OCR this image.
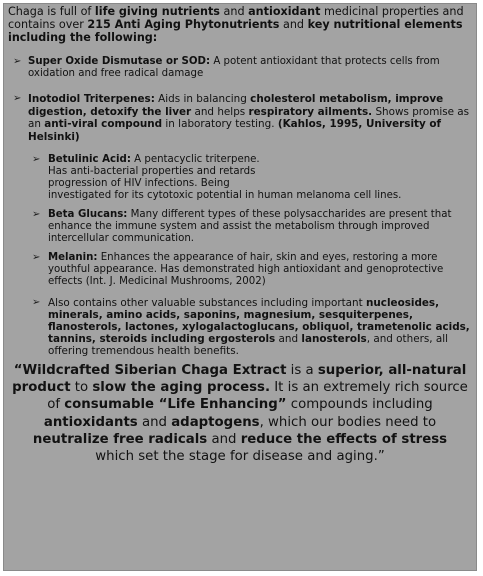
Chaga is full of life giving nutrients and antioxidant medicinal properties and contains over 215 Anti Aging Phytonutrients and key nutritional elements including the following:

➢ Super Oxide Dismutase or SOD: A potent antioxidant that protects cells from oxidation and free radical damage
➢ Inotodiol Triterpenes: Aids in balancing cholesterol metabolism, improve digestion, detoxify the liver and helps respiratory ailments. Shows promise as an anti-viral compound in laboratory testing. (Kahlos, 1995, University of Helsinki)
➢ Betulinic Acid: A pentacyclic triterpene.
Has anti-bacterial properties and retards
progression of HIV infections. Being
investigated for its cytotoxic potential in human melanoma cell lines.
➢ Beta Glucans: Many different types of these polysaccharides are present that enhance the immune system and assist the metabolism through improved intercellular communication.
➢ Melanin: Enhances the appearance of hair, skin and eyes, restoring a more youthful appearance. Has demonstrated high antioxidant and genoprotective effects (Int. J. Medicinal Mushrooms, 2002)
➢ Also contains other valuable substances including important nucleosides, minerals, amino acids, saponins, magnesium, sesquiterpenes, flanosterols, lactones, xylogalactoglucans, obliquol, trametenolic acids, tannins, steroids including ergosterols and lanosterols, and others, all offering tremendous health benefits.

“Wildcrafted Siberian Chaga Extract is a superior, all-natural product to slow the aging process. It is an extremely rich source of consumable “Life Enhancing” compounds including antioxidants and adaptogens, which our bodies need to neutralize free radicals and reduce the effects of stress which set the stage for disease and aging.”
